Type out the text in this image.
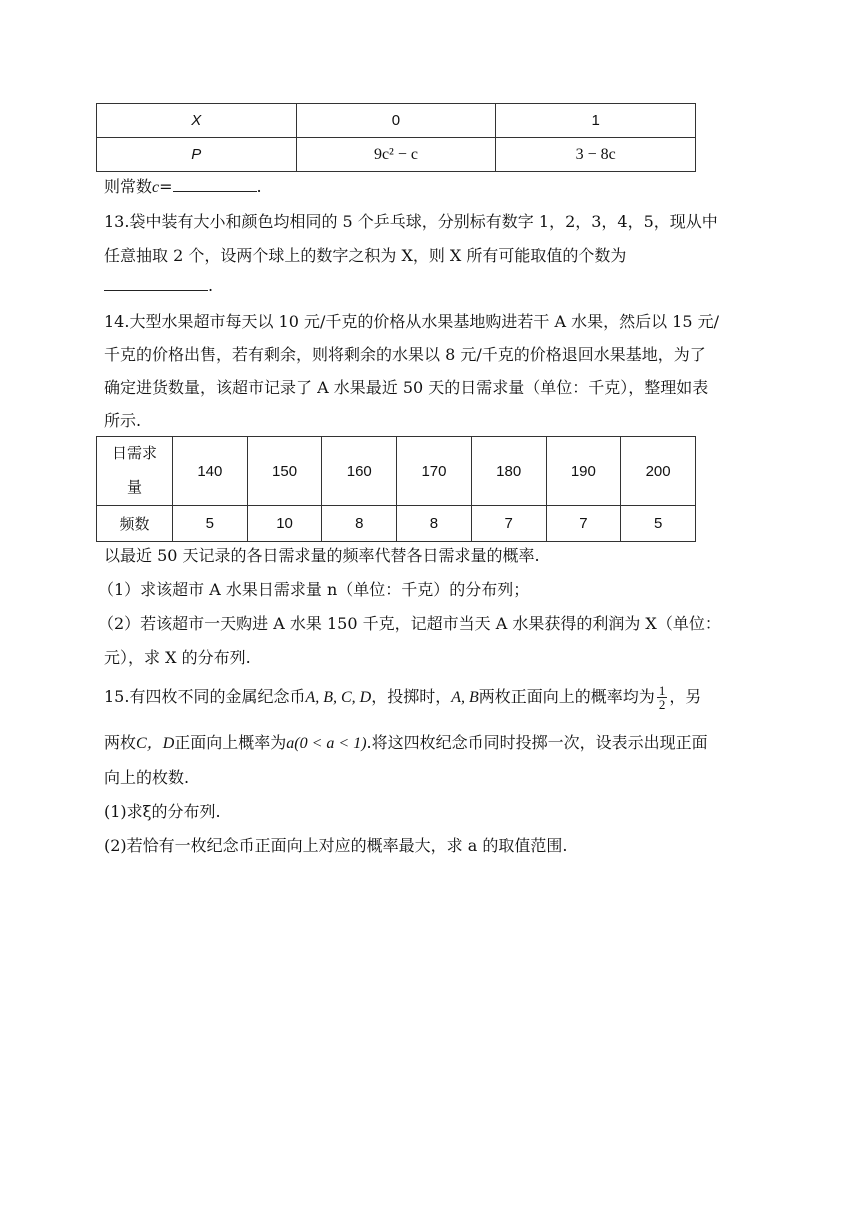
X	0	1
P	9c² − c	3 − 8c
则常数c=	.
13.袋中装有大小和颜色均相同的 5 个乒乓球，分别标有数字 1，2，3，4，5，现从中
任意抽取 2 个，设两个球上的数字之积为 X，则 X 所有可能取值的个数为
.
14.大型水果超市每天以 10 元/千克的价格从水果基地购进若干 A 水果，然后以 15 元/
千克的价格出售，若有剩余，则将剩余的水果以 8 元/千克的价格退回水果基地，为了
确定进货数量，该超市记录了 A 水果最近 50 天的日需求量（单位：千克），整理如表
所示.
日需求
量	140	150	160	170	180	190	200
频数	5	10	8	8	7	7	5
以最近 50 天记录的各日需求量的频率代替各日需求量的概率.
（1）求该超市 A 水果日需求量 n（单位：千克）的分布列；
（2）若该超市一天购进 A 水果 150 千克，记超市当天 A 水果获得的利润为 X（单位：
元），求 X 的分布列.
15.有四枚不同的金属纪念币A, B, C, D，投掷时，A, B两枚正面向上的概率均为 $\frac{1}{2}$ ，另
两枚C，D正面向上概率为a(0 < a < 1).将这四枚纪念币同时投掷一次，设表示出现正面
向上的枚数.
(1)求ξ的分布列.
(2)若恰有一枚纪念币正面向上对应的概率最大，求 a 的取值范围.
